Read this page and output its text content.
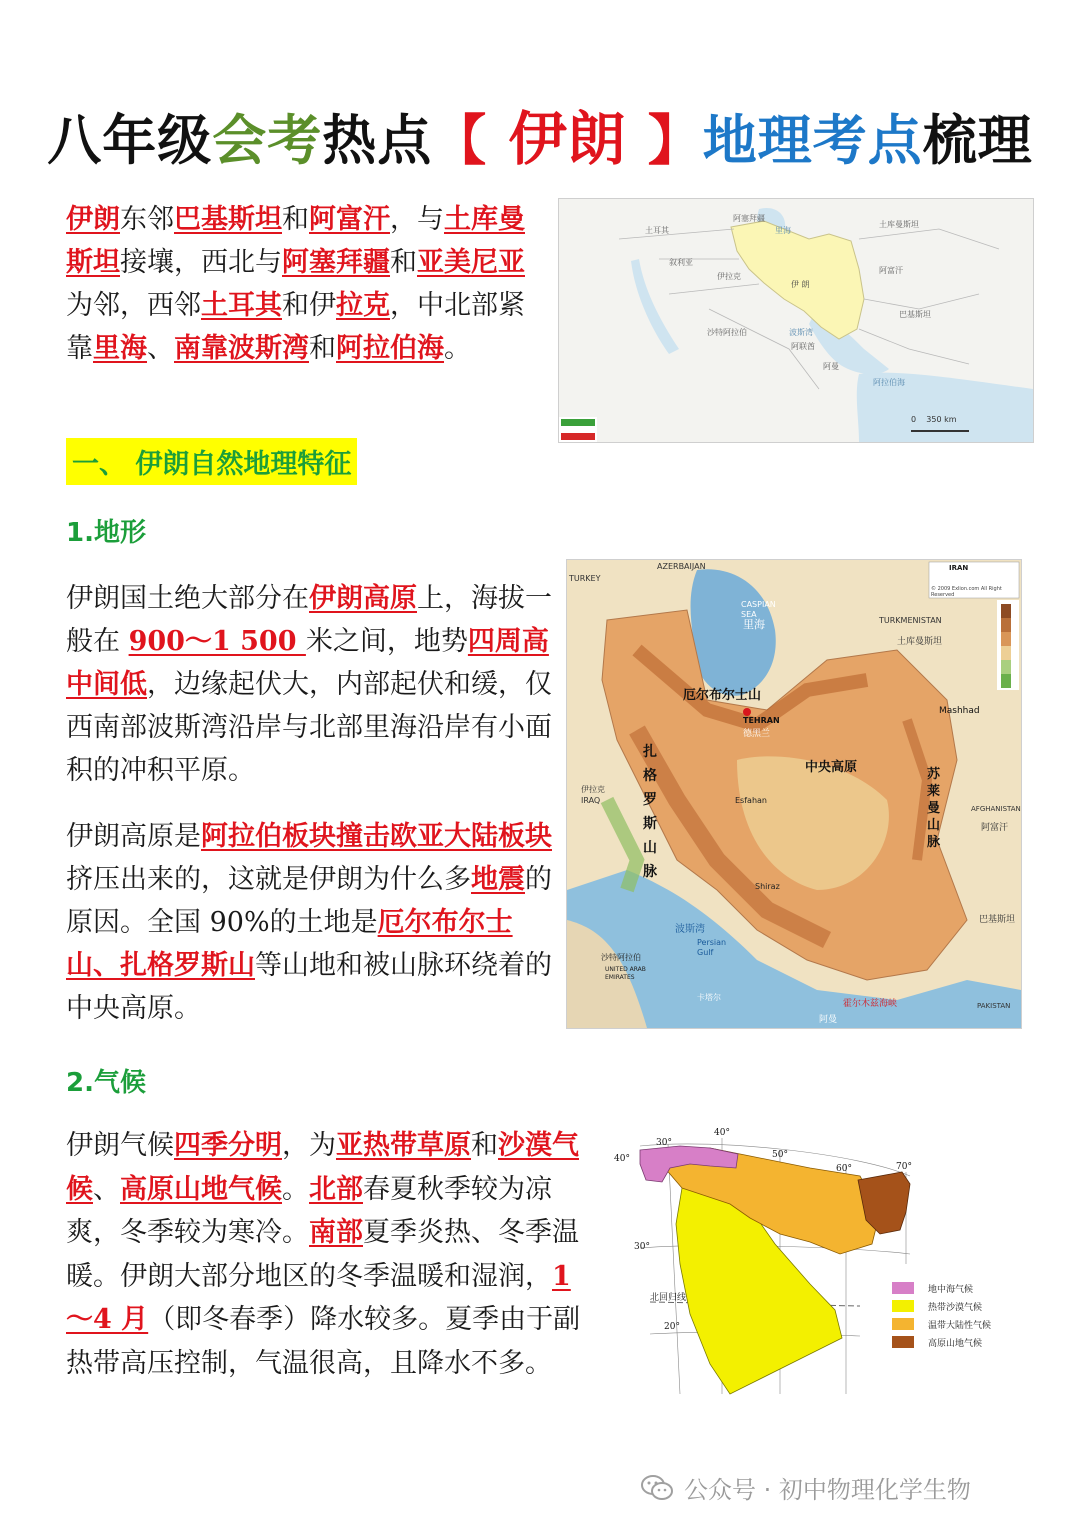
八年级会考热点【 伊朗 】地理考点梳理
伊朗东邻巴基斯坦和阿富汗，与土库曼斯坦接壤，西北与阿塞拜疆和亚美尼亚为邻，西邻土耳其和伊拉克，中北部紧靠里海、南靠波斯湾和阿拉伯海。
阿塞拜疆
里海
土库曼斯坦
土耳其
叙利亚
伊拉克
伊 朗
阿富汗
巴基斯坦
沙特阿拉伯	波斯湾
阿联酋
阿曼
阿拉伯海
0    350 km
一、 伊朗自然地理特征
1.地形
伊朗国土绝大部分在伊朗高原上，海拔一般在 900～1 500 米之间，地势四周高中间低，边缘起伏大，内部起伏和缓，仅西南部波斯湾沿岸与北部里海沿岸有小面积的冲积平原。
伊朗高原是阿拉伯板块撞击欧亚大陆板块挤压出来的，这就是伊朗为什么多地震的原因。全国 90%的土地是厄尔布尔士山、扎格罗斯山等山地和被山脉环绕着的中央高原。
IRAN
© 2009 Exlion.com All Right Reserved
AZERBAIJAN
TURKEY
CASPIAN SEA
里海	TURKMENISTAN
土库曼斯坦
厄尔布尔士山
TEHRAN
德黑兰
Mashhad
扎格罗斯山脉
中央高原	苏莱曼山脉
伊拉克 IRAQ
AFGHANISTAN
阿富汗
Esfahan
Shiraz
波斯湾
Persian Gulf
沙特阿拉伯
UNITED ARAB EMIRATES
巴基斯坦
PAKISTAN
卡塔尔
霍尔木兹海峡
阿曼
2.气候
伊朗气候四季分明，为亚热带草原和沙漠气候、高原山地气候。北部春夏秋季较为凉爽，冬季较为寒冷。南部夏季炎热、冬季温暖。伊朗大部分地区的冬季温暖和湿润，1～4 月（即冬春季）降水较多。夏季由于副热带高压控制，气温很高，且降水不多。
40°
30°
20°
30°
40°
50°
60°	70°
北回归线
地中海气候
热带沙漠气候
温带大陆性气候
高原山地气候
公众号 · 初中物理化学生物
